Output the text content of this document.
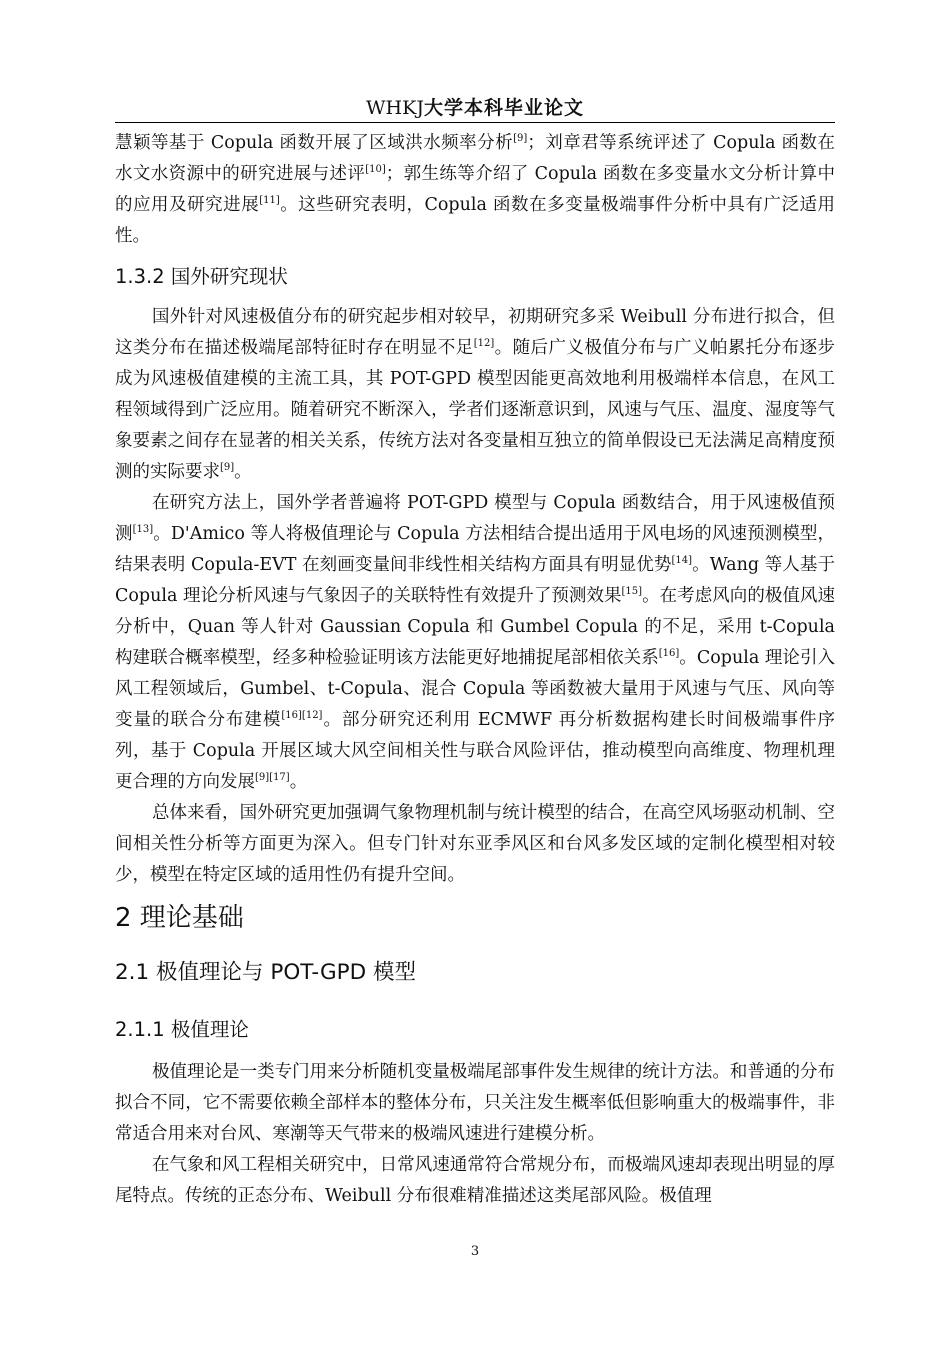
WHKJ大学本科毕业论文

慧颖等基于 Copula 函数开展了区域洪水频率分析[9]；刘章君等系统评述了 Copula 函数在水文水资源中的研究进展与述评[10]；郭生练等介绍了 Copula 函数在多变量水文分析计算中的应用及研究进展[11]。这些研究表明，Copula 函数在多变量极端事件分析中具有广泛适用性。

1.3.2 国外研究现状

国外针对风速极值分布的研究起步相对较早，初期研究多采 Weibull 分布进行拟合，但这类分布在描述极端尾部特征时存在明显不足[12]。随后广义极值分布与广义帕累托分布逐步成为风速极值建模的主流工具，其 POT-GPD 模型因能更高效地利用极端样本信息，在风工程领域得到广泛应用。随着研究不断深入，学者们逐渐意识到，风速与气压、温度、湿度等气象要素之间存在显著的相关关系，传统方法对各变量相互独立的简单假设已无法满足高精度预测的实际要求[9]。

在研究方法上，国外学者普遍将 POT-GPD 模型与 Copula 函数结合，用于风速极值预测[13]。D'Amico 等人将极值理论与 Copula 方法相结合提出适用于风电场的风速预测模型，结果表明 Copula-EVT 在刻画变量间非线性相关结构方面具有明显优势[14]。Wang 等人基于 Copula 理论分析风速与气象因子的关联特性有效提升了预测效果[15]。在考虑风向的极值风速分析中，Quan 等人针对 Gaussian Copula 和 Gumbel Copula 的不足，采用 t-Copula 构建联合概率模型，经多种检验证明该方法能更好地捕捉尾部相依关系[16]。Copula 理论引入风工程领域后，Gumbel、t-Copula、混合 Copula 等函数被大量用于风速与气压、风向等变量的联合分布建模[16][12]。部分研究还利用 ECMWF 再分析数据构建长时间极端事件序列，基于 Copula 开展区域大风空间相关性与联合风险评估，推动模型向高维度、物理机理更合理的方向发展[9][17]。

总体来看，国外研究更加强调气象物理机制与统计模型的结合，在高空风场驱动机制、空间相关性分析等方面更为深入。但专门针对东亚季风区和台风多发区域的定制化模型相对较少，模型在特定区域的适用性仍有提升空间。

2 理论基础
2.1 极值理论与 POT-GPD 模型
2.1.1 极值理论

极值理论是一类专门用来分析随机变量极端尾部事件发生规律的统计方法。和普通的分布拟合不同，它不需要依赖全部样本的整体分布，只关注发生概率低但影响重大的极端事件，非常适合用来对台风、寒潮等天气带来的极端风速进行建模分析。

在气象和风工程相关研究中，日常风速通常符合常规分布，而极端风速却表现出明显的厚尾特点。传统的正态分布、Weibull 分布很难精准描述这类尾部风险。极值理

3
